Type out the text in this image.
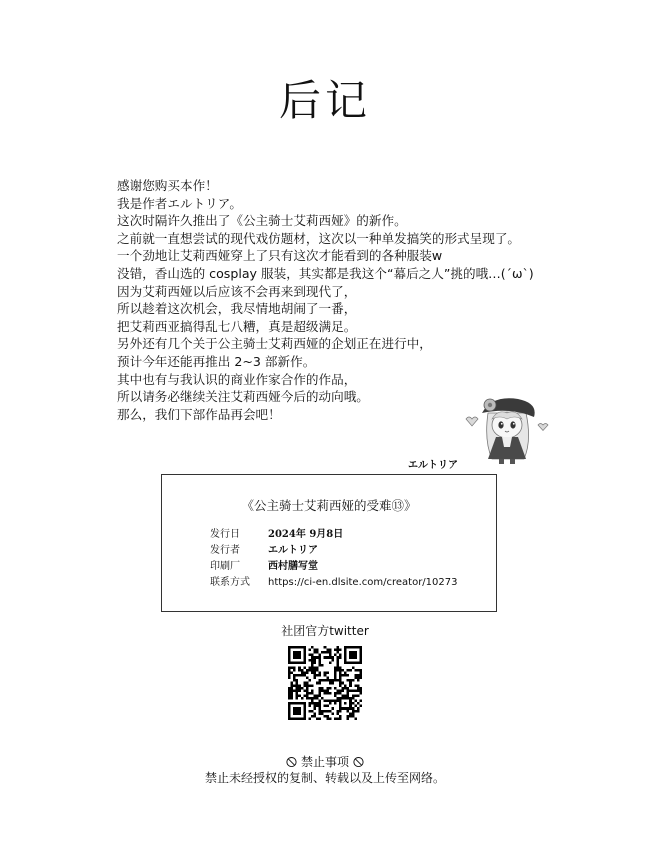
后记
感谢您购买本作！
我是作者エルトリア。
这次时隔许久推出了《公主骑士艾莉西娅》的新作。
之前就一直想尝试的现代戏仿题材，这次以一种单发搞笑的形式呈现了。
一个劲地让艾莉西娅穿上了只有这次才能看到的各种服装w
没错，香山选的 cosplay 服装，其实都是我这个“幕后之人”挑的哦…(´ω`)
因为艾莉西娅以后应该不会再来到现代了，
所以趁着这次机会，我尽情地胡闹了一番，
把艾莉西亚搞得乱七八糟，真是超级满足。
另外还有几个关于公主骑士艾莉西娅的企划正在进行中，
预计今年还能再推出 2~3 部新作。
其中也有与我认识的商业作家合作的作品，
所以请务必继续关注艾莉西娅今后的动向哦。
那么，我们下部作品再会吧！
エルトリア
《公主骑士艾莉西娅的受难⑬》
发行日	2024年 9月8日
发行者	エルトリア
印刷厂	西村膳写堂
联系方式 https://ci-en.dlsite.com/creator/10273
社团官方twitter
🛇 禁止事项 🛇
禁止未经授权的复制、转载以及上传至网络。
